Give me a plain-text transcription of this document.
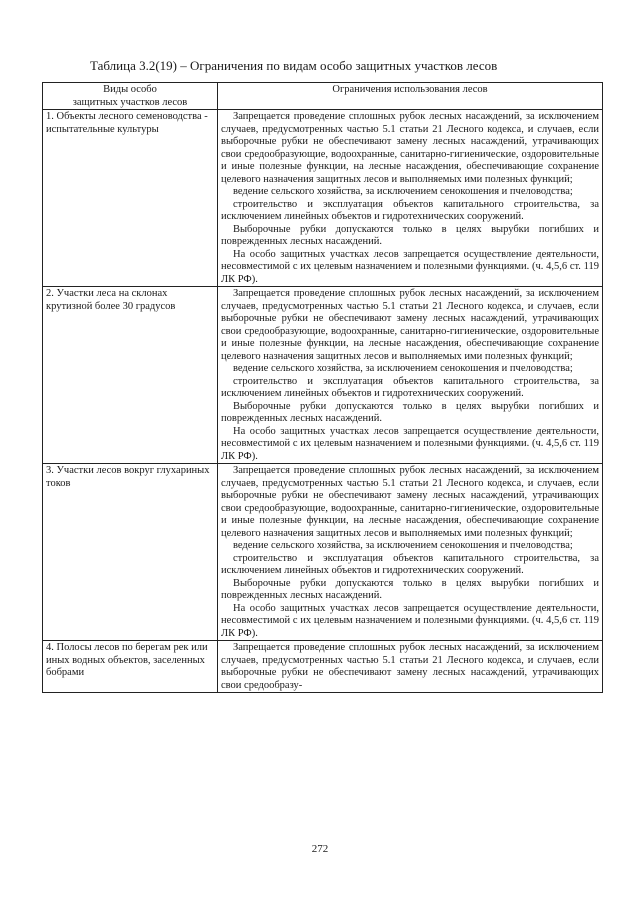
Таблица 3.2(19) – Ограничения по видам особо защитных участков лесов
Виды особо
защитных участков лесов	Ограничения использования лесов
1. Объекты лесного семеноводства - испытательные культуры	Запрещается проведение сплошных рубок лесных насаждений, за исключением случаев, предусмотренных частью 5.1 статьи 21 Лесного кодекса, и случаев, если выборочные рубки не обеспечивают замену лесных насаждений, утрачивающих свои средообразующие, водоохранные, санитарно-гигиенические, оздоровительные и иные полезные функции, на лесные насаждения, обеспечивающие сохранение целевого назначения защитных лесов и выполняемых ими полезных функций;

ведение сельского хозяйства, за исключением сенокошения и пчеловодства;

строительство и эксплуатация объектов капитального строительства, за исключением линейных объектов и гидротехнических сооружений.

Выборочные рубки допускаются только в целях вырубки погибших и поврежденных лесных насаждений.

На особо защитных участках лесов запрещается осуществление деятельности, несовместимой с их целевым назначением и полезными функциями. (ч. 4,5,6 ст. 119 ЛК РФ).

2. Участки леса на склонах крутизной более 30 градусов	Запрещается проведение сплошных рубок лесных насаждений, за исключением случаев, предусмотренных частью 5.1 статьи 21 Лесного кодекса, и случаев, если выборочные рубки не обеспечивают замену лесных насаждений, утрачивающих свои средообразующие, водоохранные, санитарно-гигиенические, оздоровительные и иные полезные функции, на лесные насаждения, обеспечивающие сохранение целевого назначения защитных лесов и выполняемых ими полезных функций;

ведение сельского хозяйства, за исключением сенокошения и пчеловодства;

строительство и эксплуатация объектов капитального строительства, за исключением линейных объектов и гидротехнических сооружений.

Выборочные рубки допускаются только в целях вырубки погибших и поврежденных лесных насаждений.

На особо защитных участках лесов запрещается осуществление деятельности, несовместимой с их целевым назначением и полезными функциями. (ч. 4,5,6 ст. 119 ЛК РФ).

3. Участки лесов вокруг глухариных токов	Запрещается проведение сплошных рубок лесных насаждений, за исключением случаев, предусмотренных частью 5.1 статьи 21 Лесного кодекса, и случаев, если выборочные рубки не обеспечивают замену лесных насаждений, утрачивающих свои средообразующие, водоохранные, санитарно-гигиенические, оздоровительные и иные полезные функции, на лесные насаждения, обеспечивающие сохранение целевого назначения защитных лесов и выполняемых ими полезных функций;

ведение сельского хозяйства, за исключением сенокошения и пчеловодства;

строительство и эксплуатация объектов капитального строительства, за исключением линейных объектов и гидротехнических сооружений.

Выборочные рубки допускаются только в целях вырубки погибших и поврежденных лесных насаждений.

На особо защитных участках лесов запрещается осуществление деятельности, несовместимой с их целевым назначением и полезными функциями. (ч. 4,5,6 ст. 119 ЛК РФ).

4. Полосы лесов по берегам рек или иных водных объектов, заселенных бобрами	Запрещается проведение сплошных рубок лесных насаждений, за исключением случаев, предусмотренных частью 5.1 статьи 21 Лесного кодекса, и случаев, если выборочные рубки не обеспечивают замену лесных насаждений, утрачивающих свои средообразу-

272
